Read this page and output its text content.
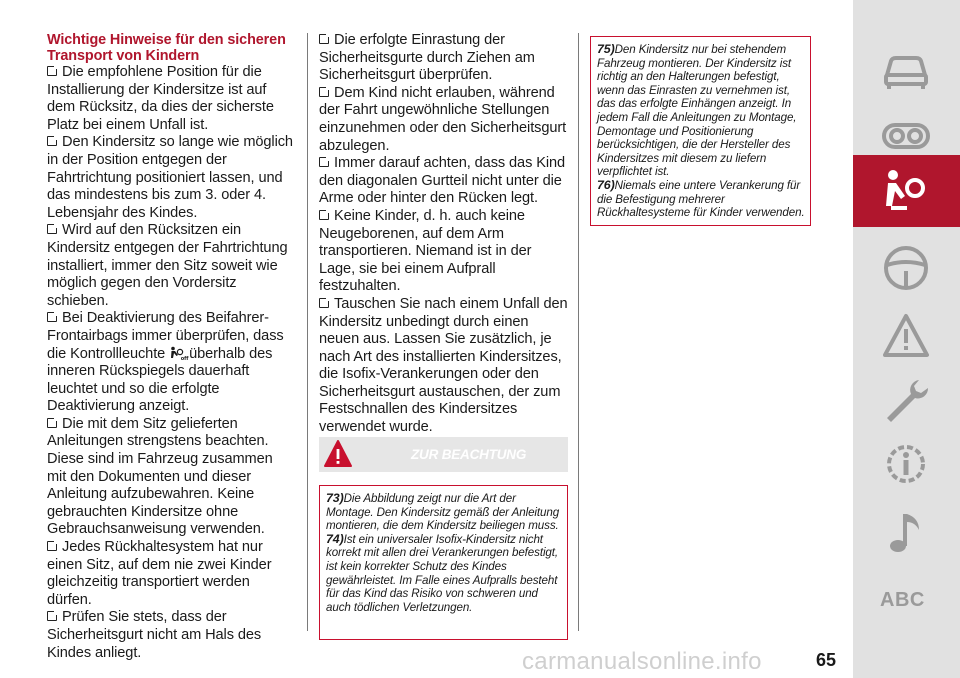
Wichtige Hinweise für den sicheren Transport von Kindern

Die empfohlene Position für die Installierung der Kindersitze ist auf dem Rücksitz, da dies der sicherste Platz bei einem Unfall ist.

Den Kindersitz so lange wie möglich in der Position entgegen der Fahrtrichtung positioniert lassen, und das mindestens bis zum 3. oder 4. Lebensjahr des Kindes.

Wird auf den Rücksitzen ein Kindersitz entgegen der Fahrtrichtung installiert, immer den Sitz soweit wie möglich gegen den Vordersitz schieben.

Bei Deaktivierung des Beifahrer-Frontairbags immer überprüfen, dass die Kontrollleuchte	off überhalb des inneren Rückspiegels dauerhaft leuchtet und so die erfolgte Deaktivierung anzeigt.

Die mit dem Sitz gelieferten Anleitungen strengstens beachten. Diese sind im Fahrzeug zusammen mit den Dokumenten und dieser Anleitung aufzubewahren. Keine gebrauchten Kindersitze ohne Gebrauchsanweisung verwenden.

Jedes Rückhaltesystem hat nur einen Sitz, auf dem nie zwei Kinder gleichzeitig transportiert werden dürfen.

Prüfen Sie stets, dass der Sicherheitsgurt nicht am Hals des Kindes anliegt.

Die erfolgte Einrastung der Sicherheitsgurte durch Ziehen am Sicherheitsgurt überprüfen.

Dem Kind nicht erlauben, während der Fahrt ungewöhnliche Stellungen einzunehmen oder den Sicherheitsgurt abzulegen.

Immer darauf achten, dass das Kind den diagonalen Gurtteil nicht unter die Arme oder hinter den Rücken legt.

Keine Kinder, d. h. auch keine Neugeborenen, auf dem Arm transportieren. Niemand ist in der Lage, sie bei einem Aufprall festzuhalten.

Tauschen Sie nach einem Unfall den Kindersitz unbedingt durch einen neuen aus. Lassen Sie zusätzlich, je nach Art des installierten Kindersitzes, die Isofix-Verankerungen oder den Sicherheitsgurt austauschen, der zum Festschnallen des Kindersitzes verwendet wurde.

ZUR BEACHTUNG
73)Die Abbildung zeigt nur die Art der Montage. Den Kindersitz gemäß der Anleitung montieren, die dem Kindersitz beiliegen muss.
74)Ist ein universaler Isofix-Kindersitz nicht korrekt mit allen drei Verankerungen befestigt, ist kein korrekter Schutz des Kindes gewährleistet. Im Falle eines Aufpralls besteht für das Kind das Risiko von schweren und auch tödlichen Verletzungen.
75)Den Kindersitz nur bei stehendem Fahrzeug montieren. Der Kindersitz ist richtig an den Halterungen befestigt, wenn das Einrasten zu vernehmen ist, das das erfolgte Einhängen anzeigt. In jedem Fall die Anleitungen zu Montage, Demontage und Positionierung berücksichtigen, die der Hersteller des Kindersitzes mit diesem zu liefern verpflichtet ist.
76)Niemals eine untere Verankerung für die Befestigung mehrerer Rückhaltesysteme für Kinder verwenden.
ABC
carmanualsonline.info	65
